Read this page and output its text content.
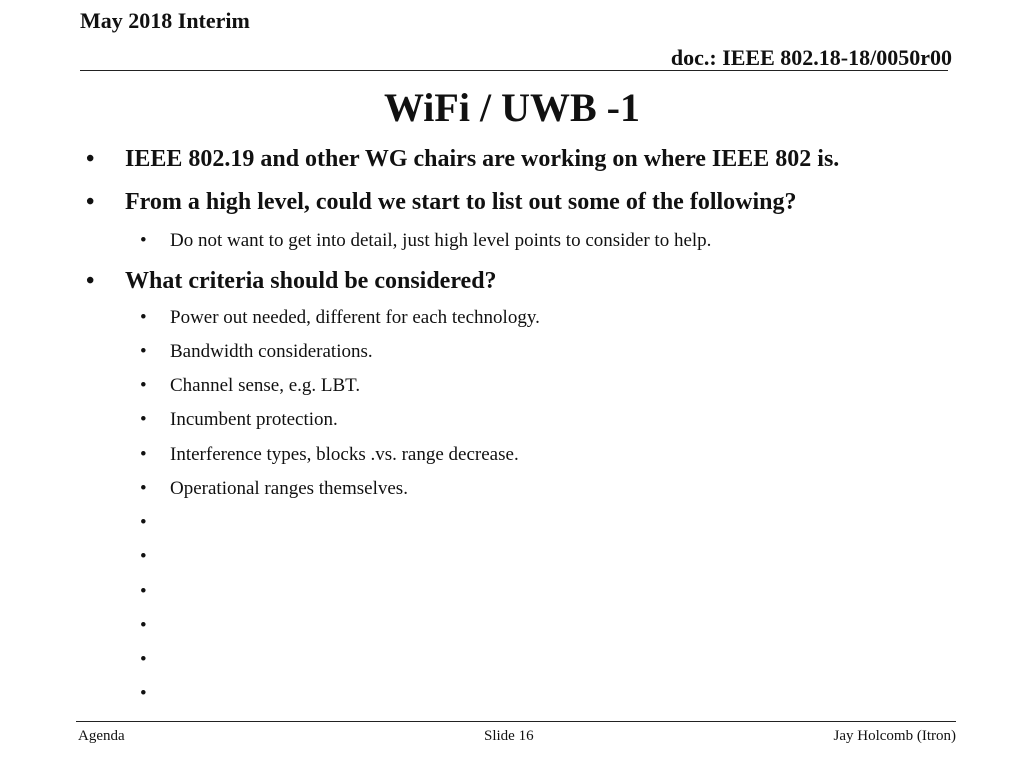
May 2018 Interim
doc.: IEEE 802.18-18/0050r00
WiFi / UWB -1
• IEEE 802.19 and other WG chairs are working on where IEEE 802 is.
• From a high level, could we start to list out some of the following?
• Do not want to get into detail, just high level points to consider to help.
• What criteria should be considered?
• Power out needed, different for each technology.
• Bandwidth considerations.
• Channel sense, e.g. LBT.
• Incumbent protection.
• Interference types, blocks .vs. range decrease.
• Operational ranges themselves.
•
•
•
•
•
•
Agenda	Slide 16	Jay Holcomb (Itron)
